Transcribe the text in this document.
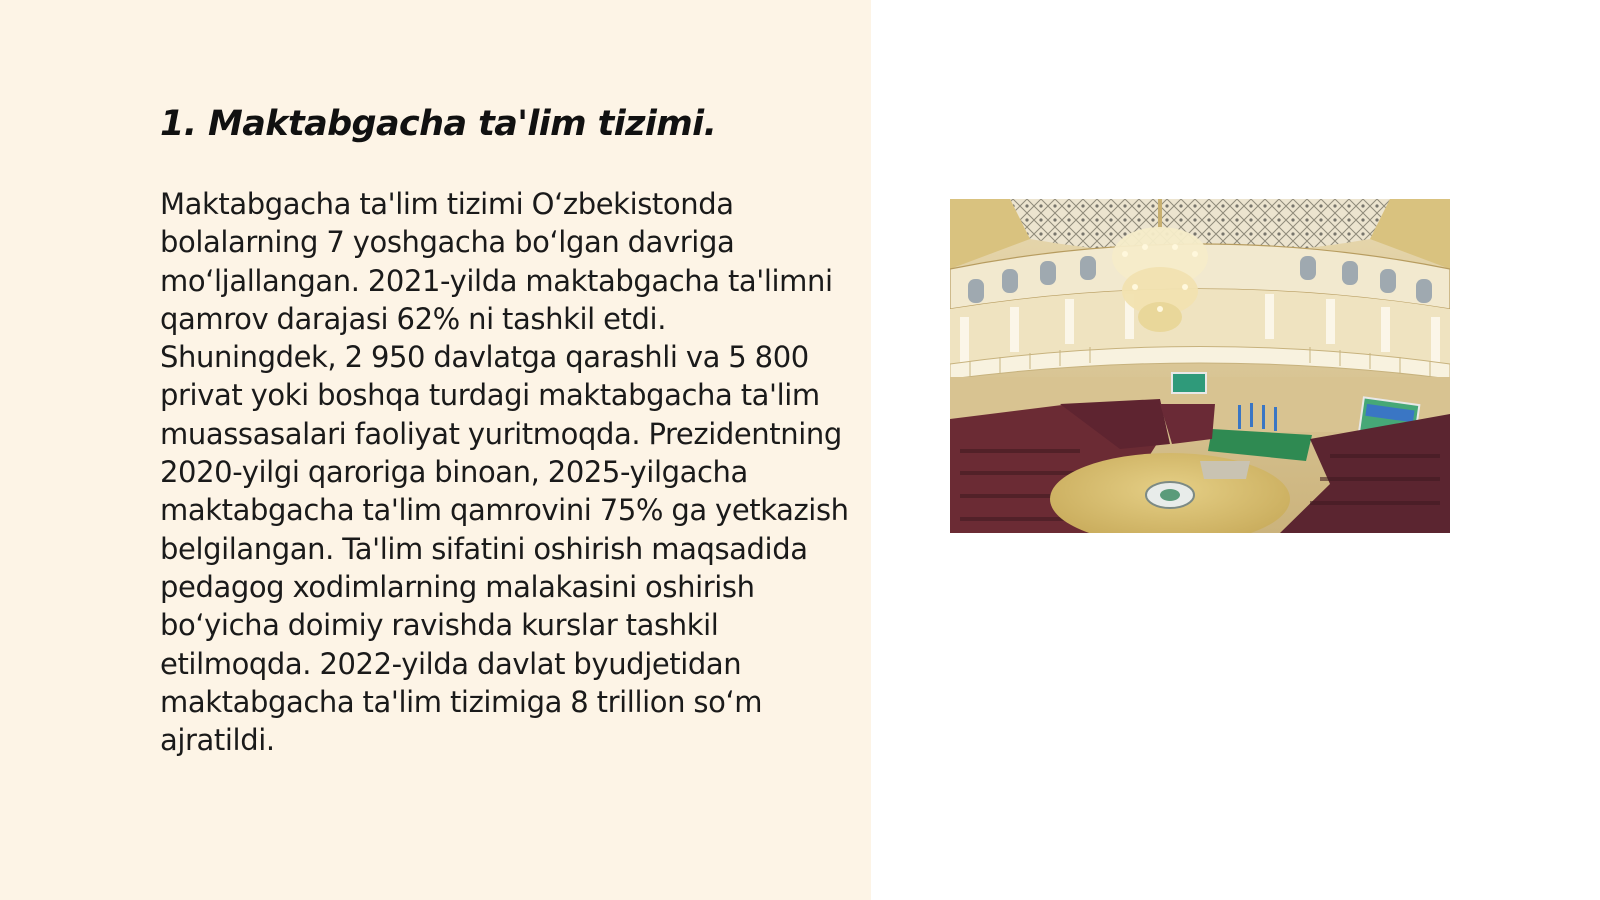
1. Maktabgacha ta'lim tizimi.

Maktabgacha ta'lim tizimi O‘zbekistonda bolalarning 7 yoshgacha bo‘lgan davriga mo‘ljallangan. 2021-yilda maktabgacha ta'limni qamrov darajasi 62% ni tashkil etdi. Shuningdek, 2 950 davlatga qarashli va 5 800 privat yoki boshqa turdagi maktabgacha ta'lim muassasalari faoliyat yuritmoqda. Prezidentning 2020-yilgi qaroriga binoan, 2025-yilgacha maktabgacha ta'lim qamrovini 75% ga yetkazish belgilangan. Ta'lim sifatini oshirish maqsadida pedagog xodimlarning malakasini oshirish bo‘yicha doimiy ravishda kurslar tashkil etilmoqda. 2022-yilda davlat byudjetidan maktabgacha ta'lim tizimiga 8 trillion so‘m ajratildi.
